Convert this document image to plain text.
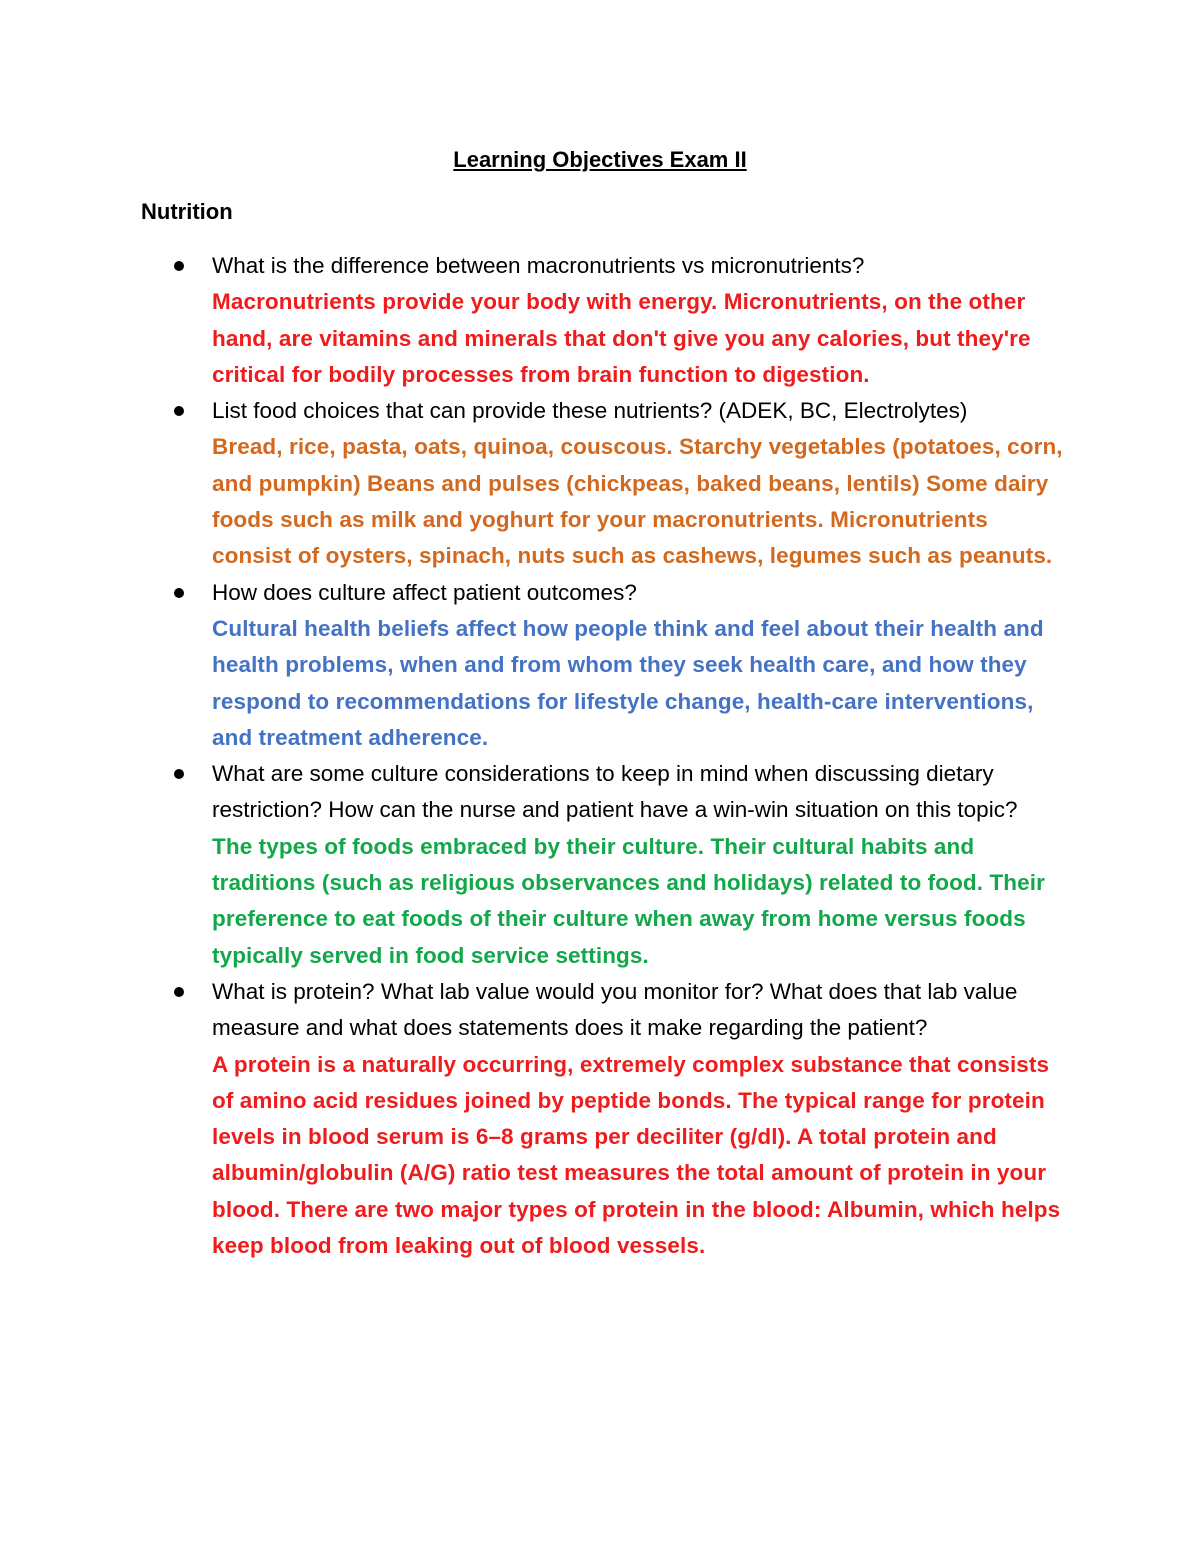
Learning Objectives Exam II
Nutrition
What is the difference between macronutrients vs micronutrients?
Macronutrients provide your body with energy. Micronutrients, on the other hand, are vitamins and minerals that don't give you any calories, but they're critical for bodily processes from brain function to digestion.
List food choices that can provide these nutrients? (ADEK, BC, Electrolytes)
Bread, rice, pasta, oats, quinoa, couscous. Starchy vegetables (potatoes, corn, and pumpkin) Beans and pulses (chickpeas, baked beans, lentils) Some dairy foods such as milk and yoghurt for your macronutrients. Micronutrients consist of oysters, spinach, nuts such as cashews, legumes such as peanuts.
How does culture affect patient outcomes?
Cultural health beliefs affect how people think and feel about their health and health problems, when and from whom they seek health care, and how they respond to recommendations for lifestyle change, health-care interventions, and treatment adherence.
What are some culture considerations to keep in mind when discussing dietary restriction? How can the nurse and patient have a win-win situation on this topic?
The types of foods embraced by their culture. Their cultural habits and traditions (such as religious observances and holidays) related to food. Their preference to eat foods of their culture when away from home versus foods typically served in food service settings.
What is protein? What lab value would you monitor for? What does that lab value measure and what does statements does it make regarding the patient?
A protein is a naturally occurring, extremely complex substance that consists of amino acid residues joined by peptide bonds. The typical range for protein levels in blood serum is 6–8 grams per deciliter (g/dl). A total protein and albumin/globulin (A/G) ratio test measures the total amount of protein in your blood. There are two major types of protein in the blood: Albumin, which helps keep blood from leaking out of blood vessels.
